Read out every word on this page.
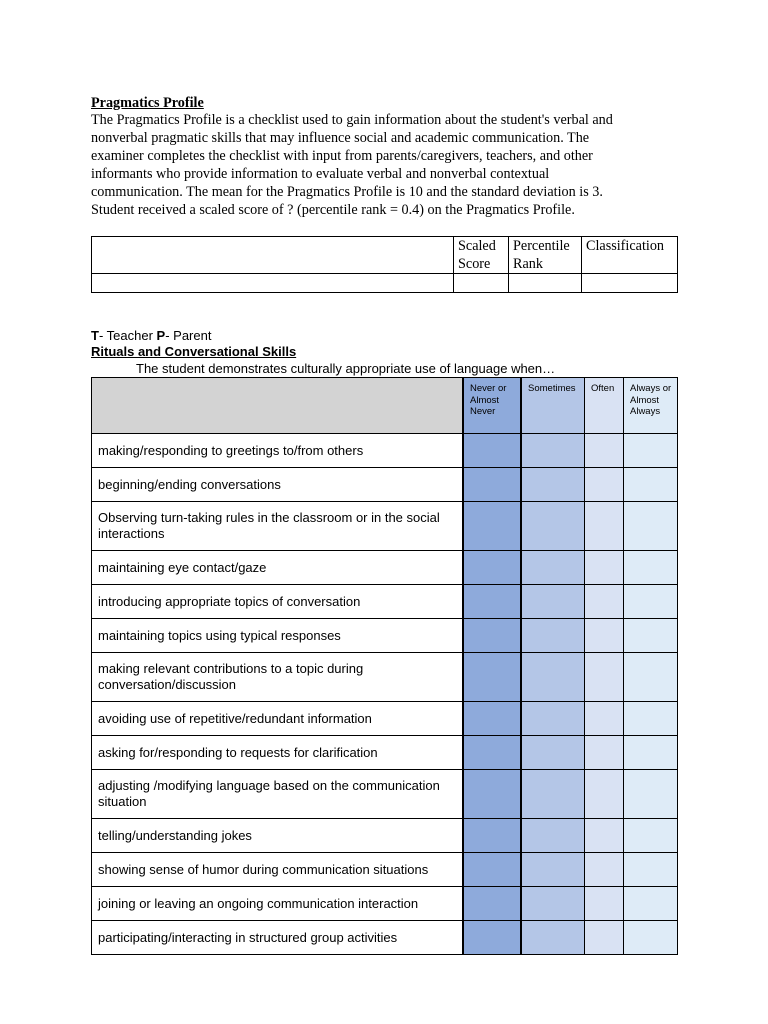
Pragmatics Profile

The Pragmatics Profile is a checklist used to gain information about the student's verbal and

nonverbal pragmatic skills that may influence social and academic communication. The

examiner completes the checklist with input from parents/caregivers, teachers, and other

informants who provide information to evaluate verbal and nonverbal contextual

communication. The mean for the Pragmatics Profile is 10 and the standard deviation is 3.

Student received a scaled score of ? (percentile rank = 0.4) on the Pragmatics Profile.

	Scaled Score	Percentile Rank	Classification

T- Teacher P- Parent
Rituals and Conversational Skills
The student demonstrates culturally appropriate use of language when…
	Never or Almost Never	Sometimes	Often	Always or Almost Always
making/responding to greetings to/from others				
beginning/ending conversations				
Observing turn-taking rules in the classroom or in the social interactions				
maintaining eye contact/gaze				
introducing appropriate topics of conversation				
maintaining topics using typical responses				
making relevant contributions to a topic during conversation/discussion				
avoiding use of repetitive/redundant information				
asking for/responding to requests for clarification				
adjusting /modifying language based on the communication situation				
telling/understanding jokes				
showing sense of humor during communication situations				
joining or leaving an ongoing communication interaction				
participating/interacting in structured group activities				
